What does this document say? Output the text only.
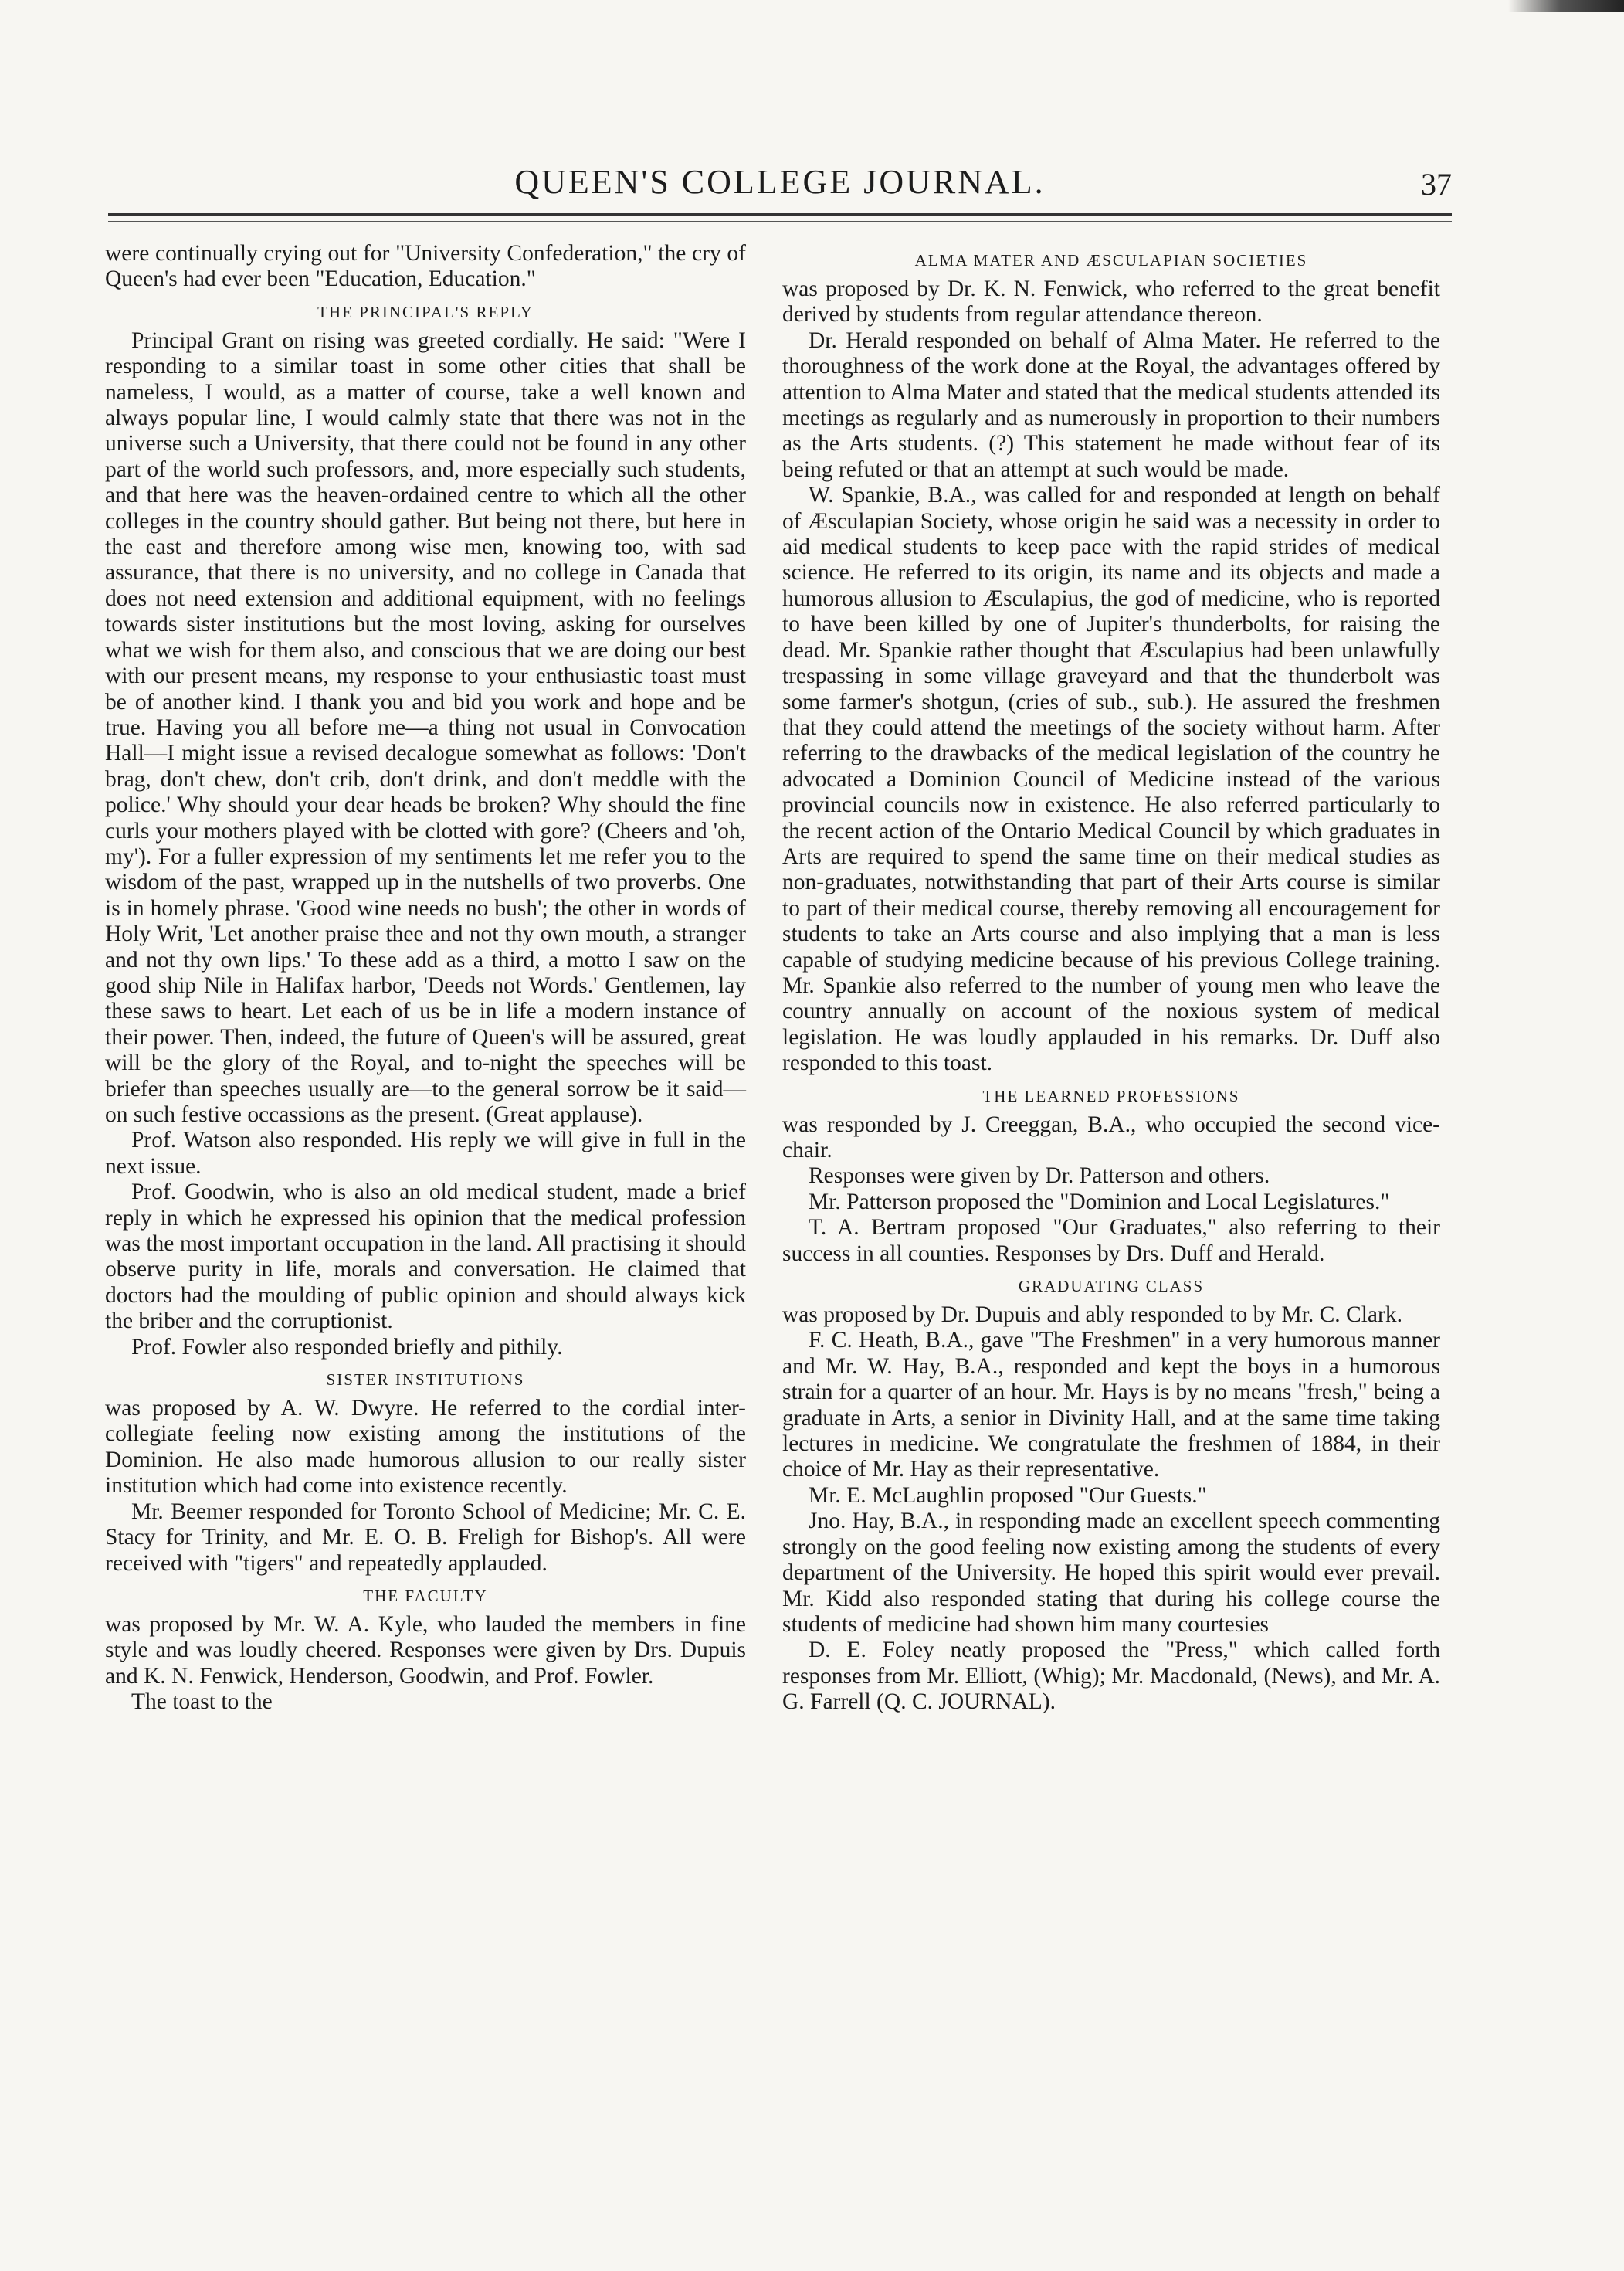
QUEEN'S COLLEGE JOURNAL.	37

were continually crying out for "University Confederation," the cry of Queen's had ever been "Education, Education."

THE PRINCIPAL'S REPLY

Principal Grant on rising was greeted cordially. He said: "Were I responding to a similar toast in some other cities that shall be nameless, I would, as a matter of course, take a well known and always popular line, I would calmly state that there was not in the universe such a University, that there could not be found in any other part of the world such professors, and, more especially such students, and that here was the heaven-ordained centre to which all the other colleges in the country should gather. But being not there, but here in the east and therefore among wise men, knowing too, with sad assurance, that there is no university, and no college in Canada that does not need extension and additional equipment, with no feelings towards sister institutions but the most loving, asking for ourselves what we wish for them also, and conscious that we are doing our best with our present means, my response to your enthusiastic toast must be of another kind. I thank you and bid you work and hope and be true. Having you all before me—a thing not usual in Convocation Hall—I might issue a revised decalogue somewhat as follows: 'Don't brag, don't chew, don't crib, don't drink, and don't meddle with the police.' Why should your dear heads be broken? Why should the fine curls your mothers played with be clotted with gore? (Cheers and 'oh, my'). For a fuller expression of my sentiments let me refer you to the wisdom of the past, wrapped up in the nutshells of two proverbs. One is in homely phrase. 'Good wine needs no bush'; the other in words of Holy Writ, 'Let another praise thee and not thy own mouth, a stranger and not thy own lips.' To these add as a third, a motto I saw on the good ship Nile in Halifax harbor, 'Deeds not Words.' Gentlemen, lay these saws to heart. Let each of us be in life a modern instance of their power. Then, indeed, the future of Queen's will be assured, great will be the glory of the Royal, and to-night the speeches will be briefer than speeches usually are—to the general sorrow be it said—on such festive occassions as the present. (Great applause).

Prof. Watson also responded. His reply we will give in full in the next issue.

Prof. Goodwin, who is also an old medical student, made a brief reply in which he expressed his opinion that the medical profession was the most important occupation in the land. All practising it should observe purity in life, morals and conversation. He claimed that doctors had the moulding of public opinion and should always kick the briber and the corruptionist.

Prof. Fowler also responded briefly and pithily.

SISTER INSTITUTIONS

was proposed by A. W. Dwyre. He referred to the cordial inter-collegiate feeling now existing among the institutions of the Dominion. He also made humorous allusion to our really sister institution which had come into existence recently.

Mr. Beemer responded for Toronto School of Medicine; Mr. C. E. Stacy for Trinity, and Mr. E. O. B. Freligh for Bishop's. All were received with "tigers" and repeatedly applauded.

THE FACULTY

was proposed by Mr. W. A. Kyle, who lauded the members in fine style and was loudly cheered. Responses were given by Drs. Dupuis and K. N. Fenwick, Henderson, Goodwin, and Prof. Fowler.

The toast to the

ALMA MATER AND ÆSCULAPIAN SOCIETIES

was proposed by Dr. K. N. Fenwick, who referred to the great benefit derived by students from regular attendance thereon.

Dr. Herald responded on behalf of Alma Mater. He referred to the thoroughness of the work done at the Royal, the advantages offered by attention to Alma Mater and stated that the medical students attended its meetings as regularly and as numerously in proportion to their numbers as the Arts students. (?) This statement he made without fear of its being refuted or that an attempt at such would be made.

W. Spankie, B.A., was called for and responded at length on behalf of Æsculapian Society, whose origin he said was a necessity in order to aid medical students to keep pace with the rapid strides of medical science. He referred to its origin, its name and its objects and made a humorous allusion to Æsculapius, the god of medicine, who is reported to have been killed by one of Jupiter's thunderbolts, for raising the dead. Mr. Spankie rather thought that Æsculapius had been unlawfully trespassing in some village graveyard and that the thunderbolt was some farmer's shotgun, (cries of sub., sub.). He assured the freshmen that they could attend the meetings of the society without harm. After referring to the drawbacks of the medical legislation of the country he advocated a Dominion Council of Medicine instead of the various provincial councils now in existence. He also referred particularly to the recent action of the Ontario Medical Council by which graduates in Arts are required to spend the same time on their medical studies as non-graduates, notwithstanding that part of their Arts course is similar to part of their medical course, thereby removing all encouragement for students to take an Arts course and also implying that a man is less capable of studying medicine because of his previous College training. Mr. Spankie also referred to the number of young men who leave the country annually on account of the noxious system of medical legislation. He was loudly applauded in his remarks. Dr. Duff also responded to this toast.

THE LEARNED PROFESSIONS

was responded by J. Creeggan, B.A., who occupied the second vice-chair.

Responses were given by Dr. Patterson and others.

Mr. Patterson proposed the "Dominion and Local Legislatures."

T. A. Bertram proposed "Our Graduates," also referring to their success in all counties. Responses by Drs. Duff and Herald.

GRADUATING CLASS

was proposed by Dr. Dupuis and ably responded to by Mr. C. Clark.

F. C. Heath, B.A., gave "The Freshmen" in a very humorous manner and Mr. W. Hay, B.A., responded and kept the boys in a humorous strain for a quarter of an hour. Mr. Hays is by no means "fresh," being a graduate in Arts, a senior in Divinity Hall, and at the same time taking lectures in medicine. We congratulate the freshmen of 1884, in their choice of Mr. Hay as their representative.

Mr. E. McLaughlin proposed "Our Guests."

Jno. Hay, B.A., in responding made an excellent speech commenting strongly on the good feeling now existing among the students of every department of the University. He hoped this spirit would ever prevail. Mr. Kidd also responded stating that during his college course the students of medicine had shown him many courtesies

D. E. Foley neatly proposed the "Press," which called forth responses from Mr. Elliott, (Whig); Mr. Macdonald, (News), and Mr. A. G. Farrell (Q. C. JOURNAL).
